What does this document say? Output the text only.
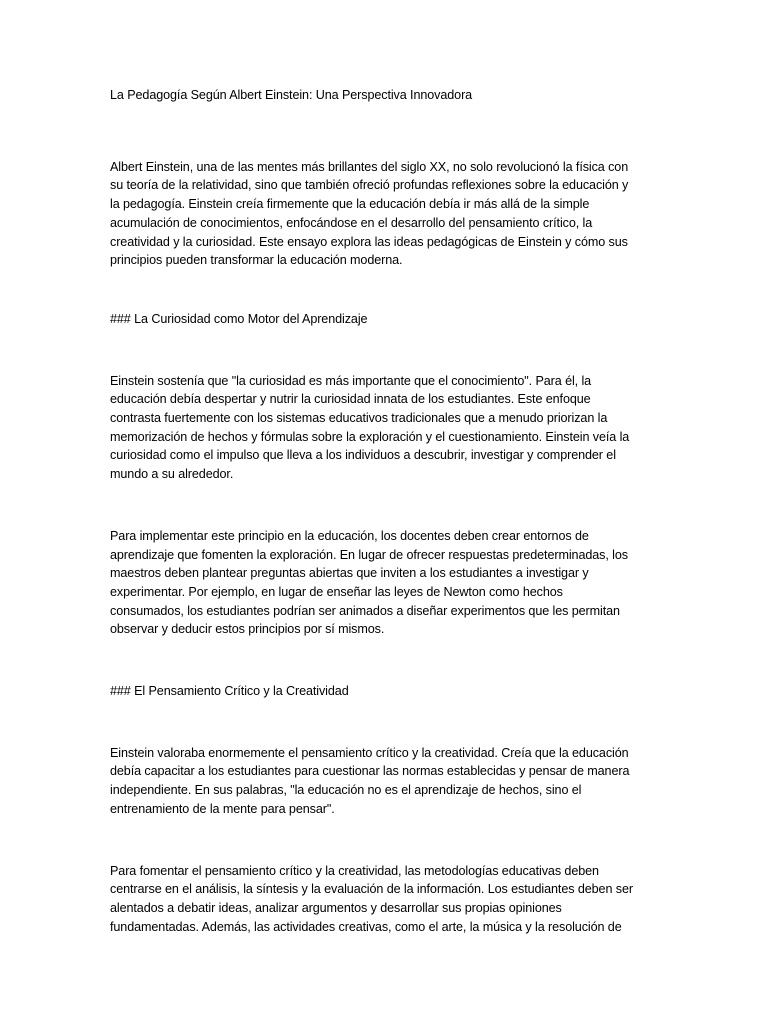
La Pedagogía Según Albert Einstein: Una Perspectiva Innovadora
Albert Einstein, una de las mentes más brillantes del siglo XX, no solo revolucionó la física con
su teoría de la relatividad, sino que también ofreció profundas reflexiones sobre la educación y
la pedagogía. Einstein creía firmemente que la educación debía ir más allá de la simple
acumulación de conocimientos, enfocándose en el desarrollo del pensamiento crítico, la
creatividad y la curiosidad. Este ensayo explora las ideas pedagógicas de Einstein y cómo sus
principios pueden transformar la educación moderna.
### La Curiosidad como Motor del Aprendizaje
Einstein sostenía que "la curiosidad es más importante que el conocimiento". Para él, la
educación debía despertar y nutrir la curiosidad innata de los estudiantes. Este enfoque
contrasta fuertemente con los sistemas educativos tradicionales que a menudo priorizan la
memorización de hechos y fórmulas sobre la exploración y el cuestionamiento. Einstein veía la
curiosidad como el impulso que lleva a los individuos a descubrir, investigar y comprender el
mundo a su alrededor.
Para implementar este principio en la educación, los docentes deben crear entornos de
aprendizaje que fomenten la exploración. En lugar de ofrecer respuestas predeterminadas, los
maestros deben plantear preguntas abiertas que inviten a los estudiantes a investigar y
experimentar. Por ejemplo, en lugar de enseñar las leyes de Newton como hechos
consumados, los estudiantes podrían ser animados a diseñar experimentos que les permitan
observar y deducir estos principios por sí mismos.
### El Pensamiento Crítico y la Creatividad
Einstein valoraba enormemente el pensamiento crítico y la creatividad. Creía que la educación
debía capacitar a los estudiantes para cuestionar las normas establecidas y pensar de manera
independiente. En sus palabras, "la educación no es el aprendizaje de hechos, sino el
entrenamiento de la mente para pensar".
Para fomentar el pensamiento crítico y la creatividad, las metodologías educativas deben
centrarse en el análisis, la síntesis y la evaluación de la información. Los estudiantes deben ser
alentados a debatir ideas, analizar argumentos y desarrollar sus propias opiniones
fundamentadas. Además, las actividades creativas, como el arte, la música y la resolución de
